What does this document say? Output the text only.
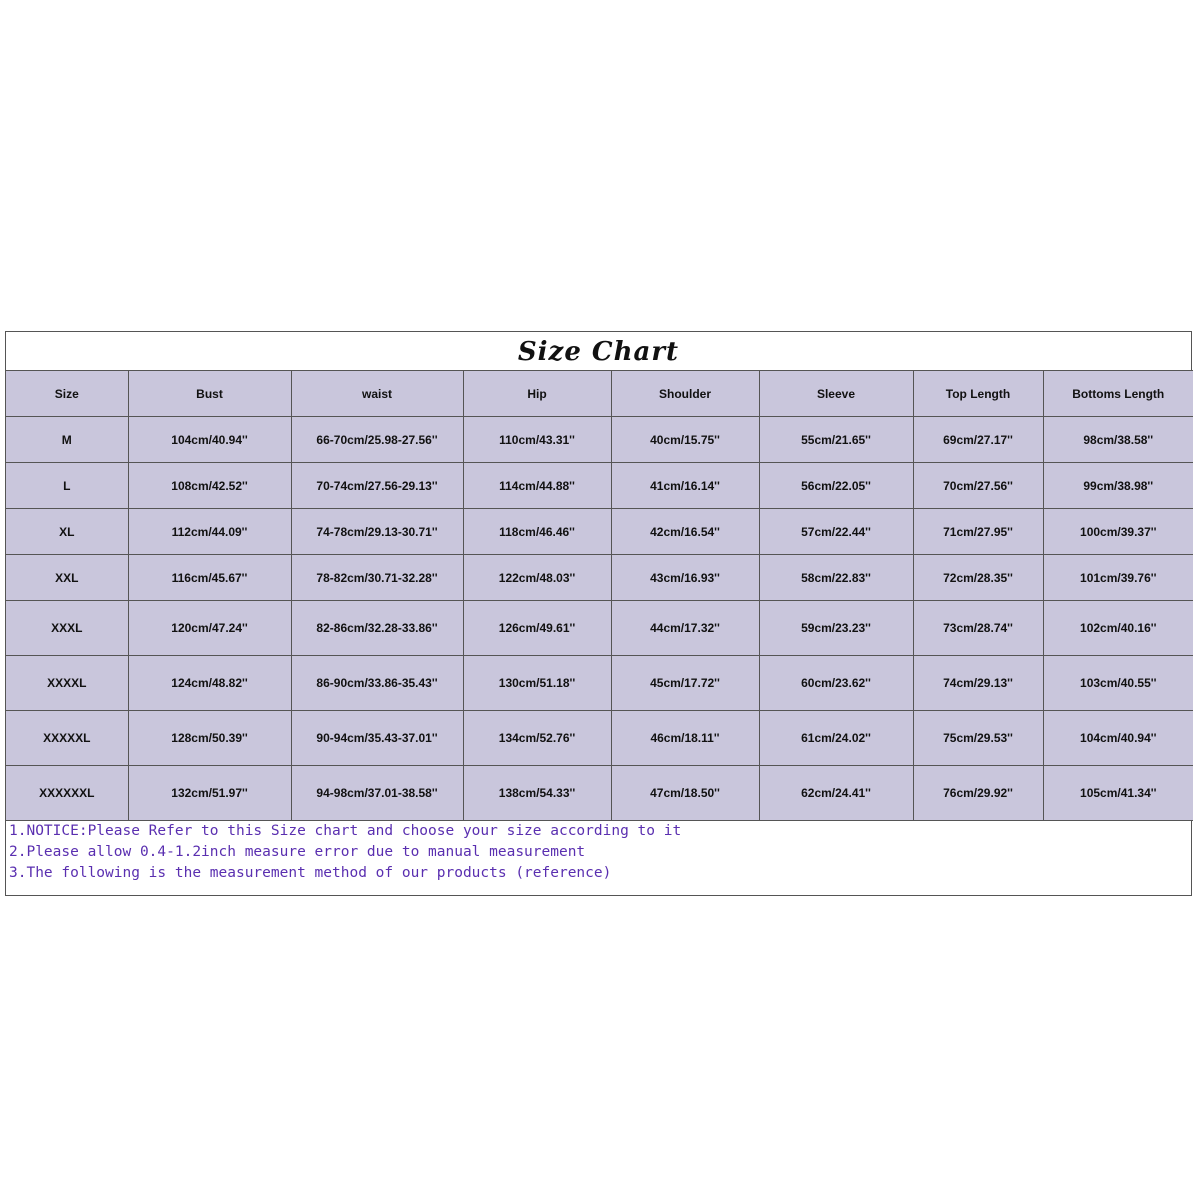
Size Chart
Size	Bust	waist	Hip	Shoulder	Sleeve	Top Length	Bottoms Length
M	104cm/40.94''	66-70cm/25.98-27.56''	110cm/43.31''	40cm/15.75''	55cm/21.65''	69cm/27.17''	98cm/38.58''
L	108cm/42.52''	70-74cm/27.56-29.13''	114cm/44.88''	41cm/16.14''	56cm/22.05''	70cm/27.56''	99cm/38.98''
XL	112cm/44.09''	74-78cm/29.13-30.71''	118cm/46.46''	42cm/16.54''	57cm/22.44''	71cm/27.95''	100cm/39.37''
XXL	116cm/45.67''	78-82cm/30.71-32.28''	122cm/48.03''	43cm/16.93''	58cm/22.83''	72cm/28.35''	101cm/39.76''
XXXL	120cm/47.24''	82-86cm/32.28-33.86''	126cm/49.61''	44cm/17.32''	59cm/23.23''	73cm/28.74''	102cm/40.16''
XXXXL	124cm/48.82''	86-90cm/33.86-35.43''	130cm/51.18''	45cm/17.72''	60cm/23.62''	74cm/29.13''	103cm/40.55''
XXXXXL	128cm/50.39''	90-94cm/35.43-37.01''	134cm/52.76''	46cm/18.11''	61cm/24.02''	75cm/29.53''	104cm/40.94''
XXXXXXL	132cm/51.97''	94-98cm/37.01-38.58''	138cm/54.33''	47cm/18.50''	62cm/24.41''	76cm/29.92''	105cm/41.34''
1.NOTICE:Please Refer to this Size chart and choose your size according to it
2.Please allow 0.4-1.2inch measure error due to manual measurement
3.The following is the measurement method of our products (reference)
